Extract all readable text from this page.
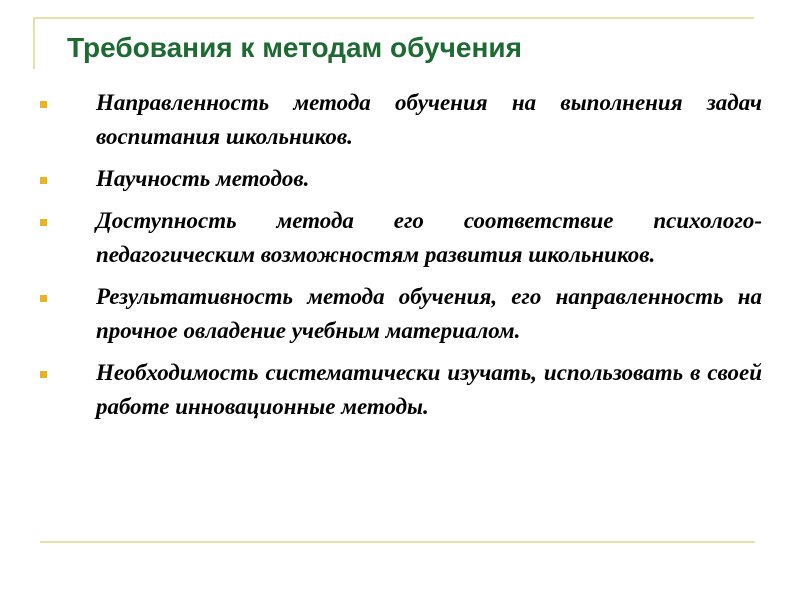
Требования к методам обучения
Направленность метода обучения на выполнения задач воспитания школьников.
Научность методов.
Доступность метода его соответствие психолого-педагогическим возможностям развития школьников.
Результативность метода обучения, его направленность на прочное овладение учебным материалом.
Необходимость систематически изучать, использовать в своей работе инновационные методы.
